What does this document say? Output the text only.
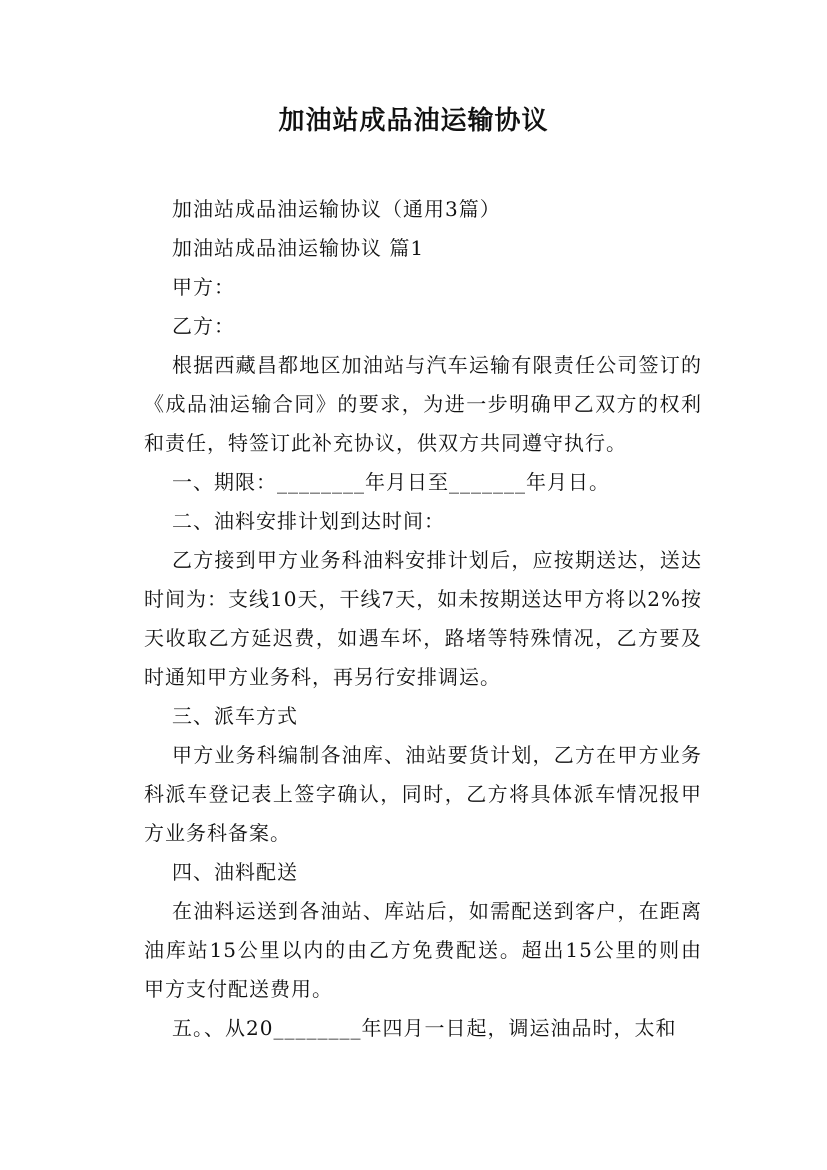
加油站成品油运输协议

加油站成品油运输协议（通用3篇）

加油站成品油运输协议 篇1

甲方：

乙方：

根据西藏昌都地区加油站与汽车运输有限责任公司签订的《成品油运输合同》的要求，为进一步明确甲乙双方的权利和责任，特签订此补充协议，供双方共同遵守执行。

一、期限：________年月日至_______年月日。

二、油料安排计划到达时间：

乙方接到甲方业务科油料安排计划后，应按期送达，送达时间为：支线10天，干线7天，如未按期送达甲方将以2%按天收取乙方延迟费，如遇车坏，路堵等特殊情况，乙方要及时通知甲方业务科，再另行安排调运。

三、派车方式

甲方业务科编制各油库、油站要货计划，乙方在甲方业务科派车登记表上签字确认，同时，乙方将具体派车情况报甲方业务科备案。

四、油料配送

在油料运送到各油站、库站后，如需配送到客户，在距离油库站15公里以内的由乙方免费配送。超出15公里的则由甲方支付配送费用。

五。、从20________年四月一日起，调运油品时，太和
